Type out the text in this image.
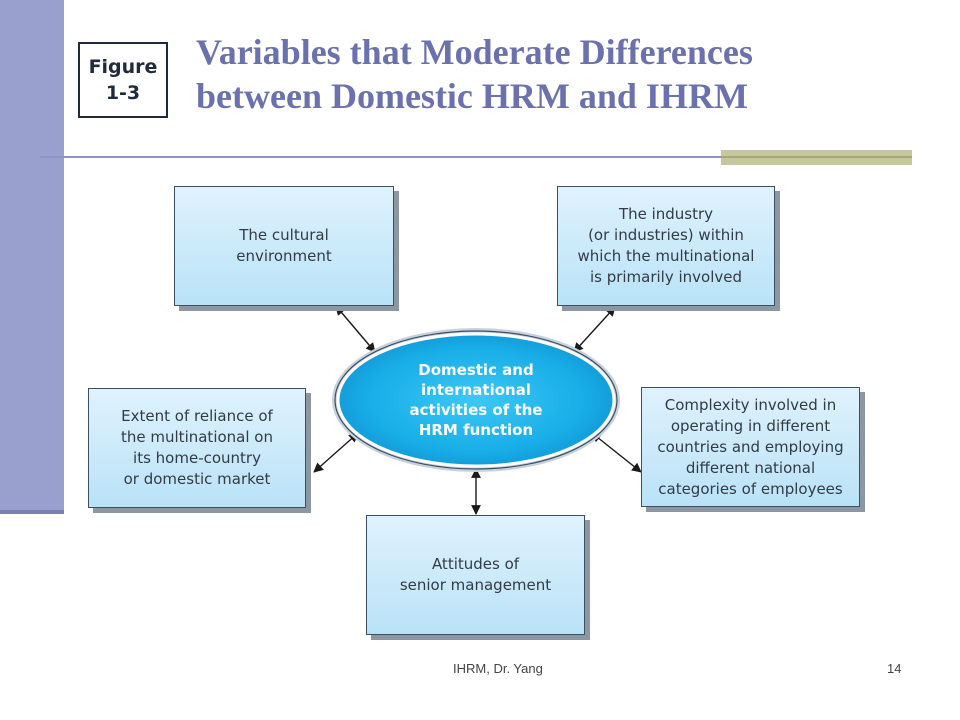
Figure
1-3
Variables that Moderate Differences
between Domestic HRM and IHRM
Domestic and
international
activities of the
HRM function
The cultural
environment
The industry
(or industries) within
which the multinational
is primarily involved
Extent of reliance of
the multinational on
its home-country
or domestic market
Complexity involved in
operating in different
countries and employing
different national
categories of employees
Attitudes of
senior management
IHRM, Dr. Yang	14
